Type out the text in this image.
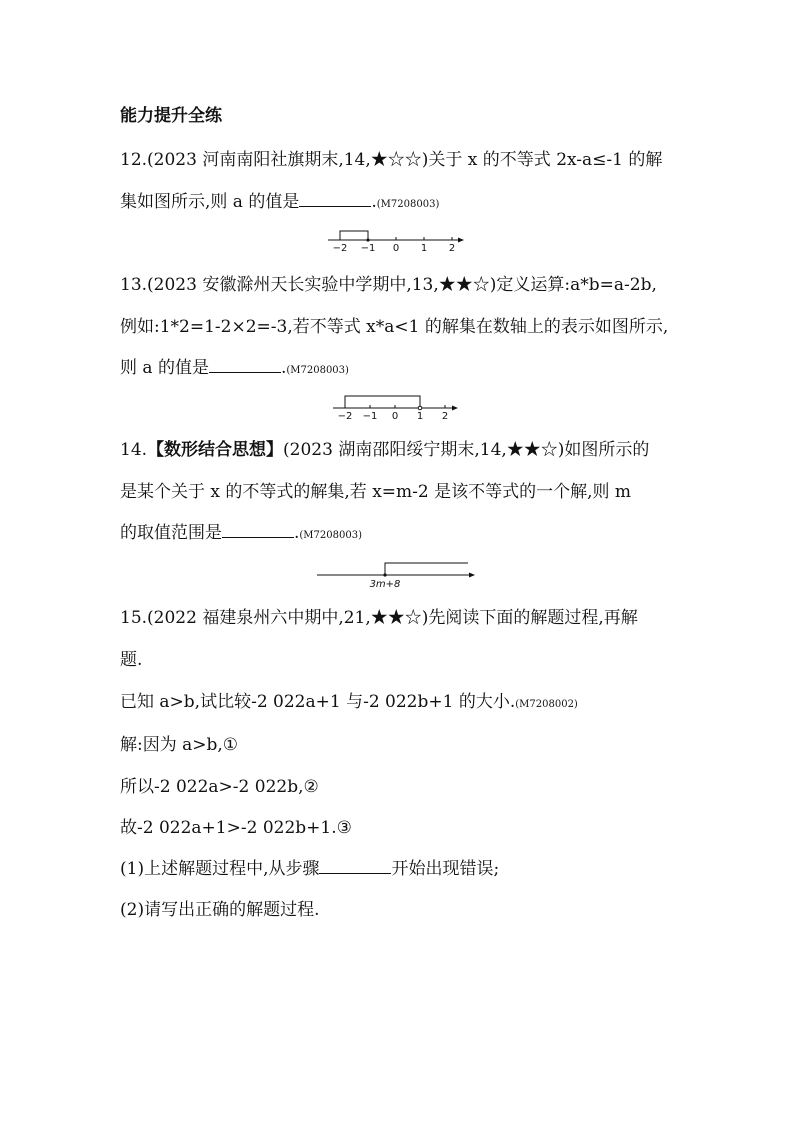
能力提升全练
12.(2023 河南南阳社旗期末,14,★☆☆)关于 x 的不等式 2x-a≤-1 的解
集如图所示,则 a 的值是	.(M7208003)
−2 −1 0 1 2
13.(2023 安徽滁州天长实验中学期中,13,★★☆)定义运算:a*b=a-2b,
例如:1*2=1-2×2=-3,若不等式 x*a<1 的解集在数轴上的表示如图所示,
则 a 的值是	.(M7208003)
−2 −1 0 1 2
14.【数形结合思想】(2023 湖南邵阳绥宁期末,14,★★☆)如图所示的
是某个关于 x 的不等式的解集,若 x=m-2 是该不等式的一个解,则 m
的取值范围是	.(M7208003)
3m+8
15.(2022 福建泉州六中期中,21,★★☆)先阅读下面的解题过程,再解
题.
已知 a>b,试比较-2 022a+1 与-2 022b+1 的大小.(M7208002)
解:因为 a>b,①
所以-2 022a>-2 022b,②
故-2 022a+1>-2 022b+1.③
(1)上述解题过程中,从步骤	开始出现错误;
(2)请写出正确的解题过程.
